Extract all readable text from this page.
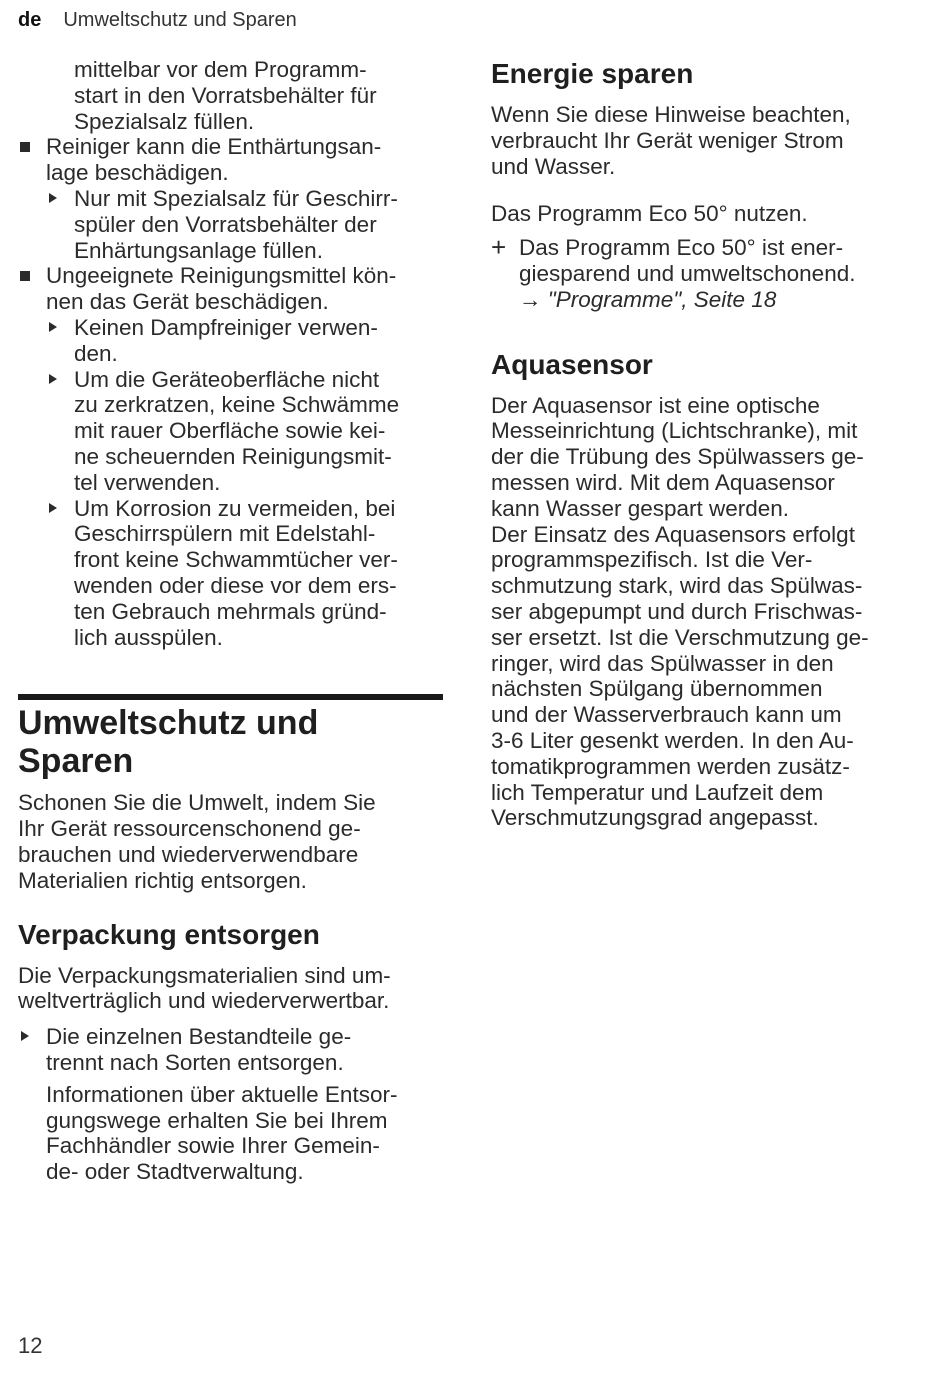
de Umweltschutz und Sparen

mittelbar vor dem Programm-
start in den Vorratsbehälter für
Spezialsalz füllen.

Reiniger kann die Enthärtungsan-
lage beschädigen.
Nur mit Spezialsalz für Geschirr-
spüler den Vorratsbehälter der
Enhärtungsanlage füllen.
Ungeeignete Reinigungsmittel kön-
nen das Gerät beschädigen.
Keinen Dampfreiniger verwen-
den.
Um die Geräteoberfläche nicht
zu zerkratzen, keine Schwämme
mit rauer Oberfläche sowie kei-
ne scheuernden Reinigungsmit-
tel verwenden.
Um Korrosion zu vermeiden, bei
Geschirrspülern mit Edelstahl-
front keine Schwammtücher ver-
wenden oder diese vor dem ers-
ten Gebrauch mehrmals gründ-
lich ausspülen.
Umweltschutz und
Sparen

Schonen Sie die Umwelt, indem Sie
Ihr Gerät ressourcenschonend ge-
brauchen und wiederverwendbare
Materialien richtig entsorgen.

Verpackung entsorgen

Die Verpackungsmaterialien sind um-
weltverträglich und wiederverwertbar.

Die einzelnen Bestandteile ge-
trennt nach Sorten entsorgen.

Informationen über aktuelle Entsor-
gungswege erhalten Sie bei Ihrem
Fachhändler sowie Ihrer Gemein-
de- oder Stadtverwaltung.

Energie sparen

Wenn Sie diese Hinweise beachten,
verbraucht Ihr Gerät weniger Strom
und Wasser.

Das Programm Eco 50° nutzen.

+ Das Programm Eco 50° ist ener-
giesparend und umweltschonend.
→ "Programme", Seite 18
Aquasensor

Der Aquasensor ist eine optische
Messeinrichtung (Lichtschranke), mit
der die Trübung des Spülwassers ge-
messen wird. Mit dem Aquasensor
kann Wasser gespart werden.

Der Einsatz des Aquasensors erfolgt
programmspezifisch. Ist die Ver-
schmutzung stark, wird das Spülwas-
ser abgepumpt und durch Frischwas-
ser ersetzt. Ist die Verschmutzung ge-
ringer, wird das Spülwasser in den
nächsten Spülgang übernommen
und der Wasserverbrauch kann um
3-6 Liter gesenkt werden. In den Au-
tomatikprogrammen werden zusätz-
lich Temperatur und Laufzeit dem
Verschmutzungsgrad angepasst.

12
